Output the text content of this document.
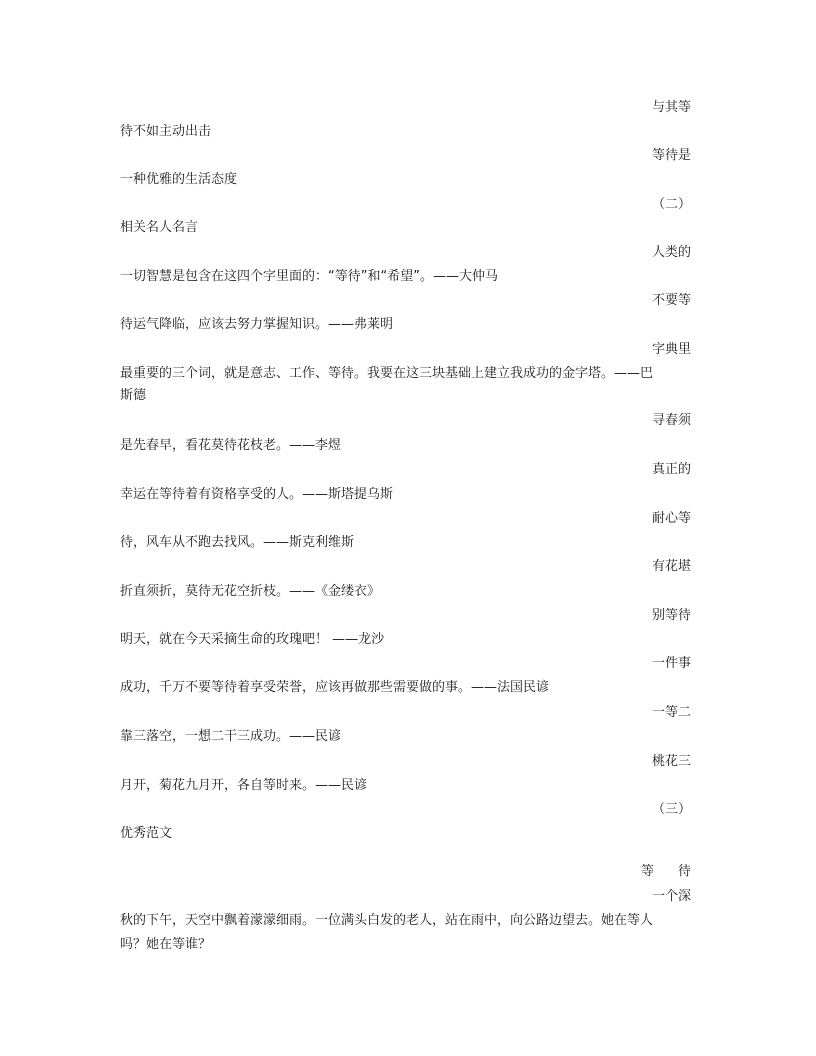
与其等
待不如主动出击
等待是
一种优雅的生活态度
（二）
相关名人名言
人类的
一切智慧是包含在这四个字里面的：“等待”和“希望”。——大仲马
不要等
待运气降临，应该去努力掌握知识。——弗莱明
字典里
最重要的三个词，就是意志、工作、等待。我要在这三块基础上建立我成功的金字塔。——巴
斯德
寻春须
是先春早，看花莫待花枝老。——李煜
真正的
幸运在等待着有资格享受的人。——斯塔提乌斯
耐心等
待，风车从不跑去找风。——斯克利维斯
有花堪
折直须折，莫待无花空折枝。——《金缕衣》
别等待
明天，就在今天采摘生命的玫瑰吧！ ——龙沙
一件事
成功，千万不要等待着享受荣誉，应该再做那些需要做的事。——法国民谚
一等二
靠三落空，一想二干三成功。——民谚
桃花三
月开，菊花九月开，各自等时来。——民谚
（三）
优秀范文
等 待
一个深
秋的下午，天空中飘着濛濛细雨。一位满头白发的老人，站在雨中，向公路边望去。她在等人
吗？她在等谁？
